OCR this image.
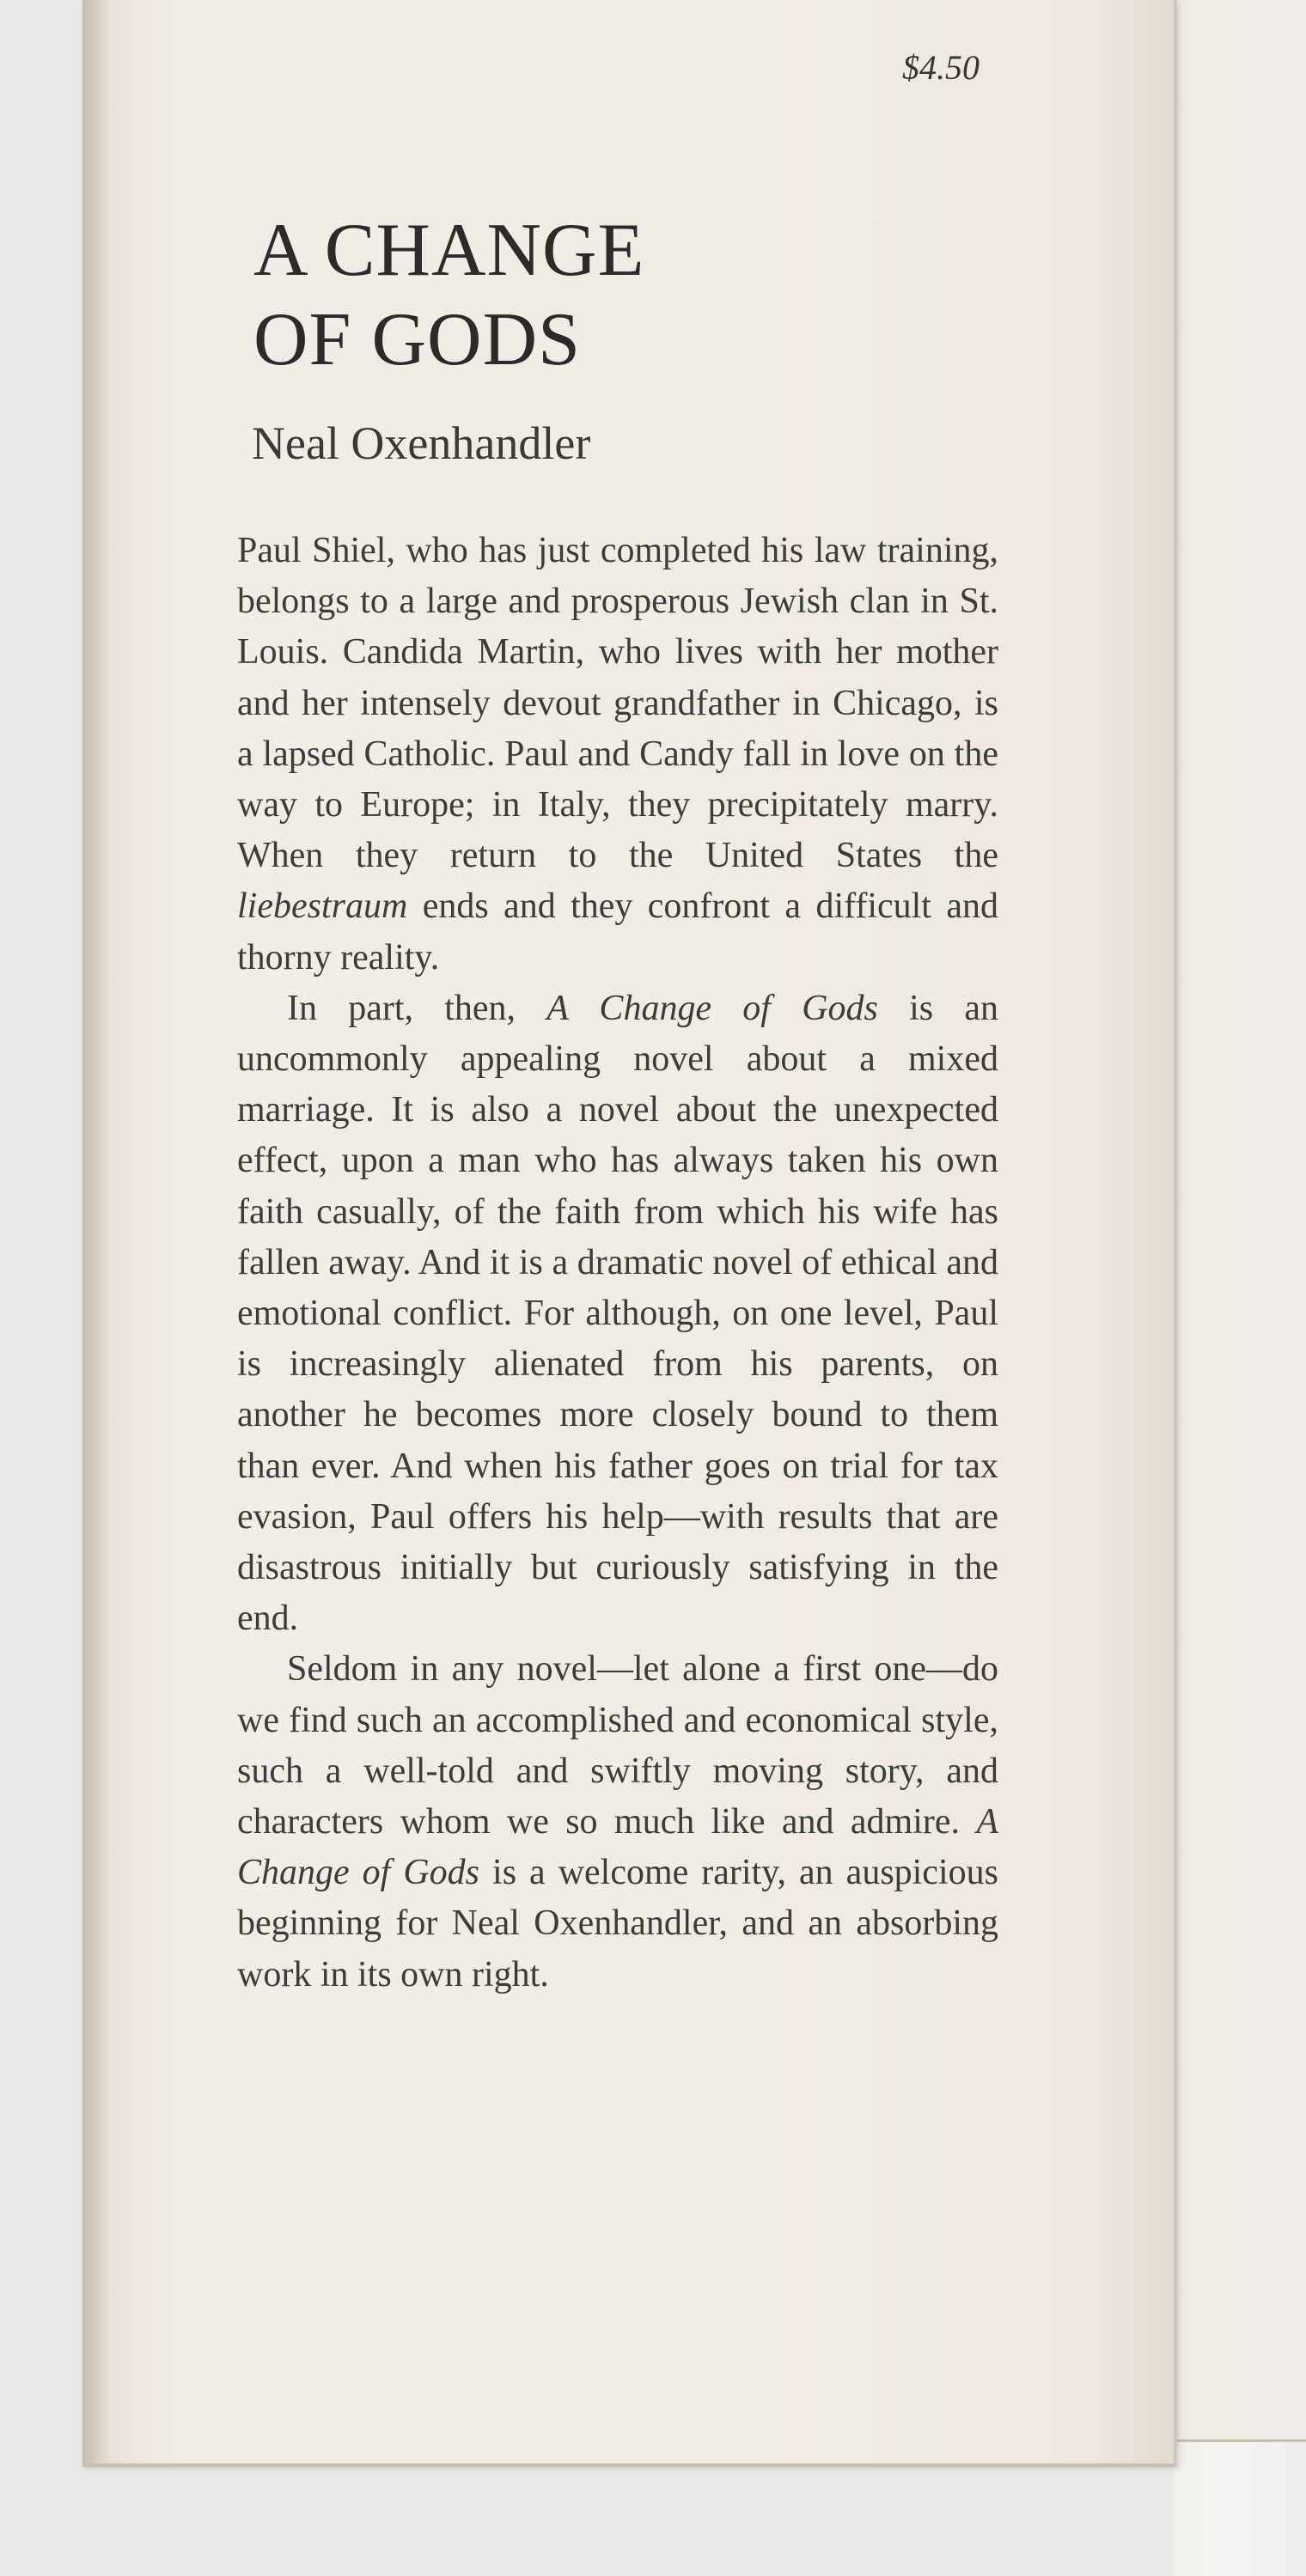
$4.50
A CHANGE
OF GODS
Neal Oxenhandler

Paul Shiel, who has just completed his law training, belongs to a large and prosperous Jewish clan in St. Louis. Candida Martin, who lives with her mother and her intensely devout grandfather in Chicago, is a lapsed Catholic. Paul and Candy fall in love on the way to Europe; in Italy, they precipitately marry. When they return to the United States the liebestraum ends and they confront a difficult and thorny reality.

In part, then, A Change of Gods is an uncommonly appealing novel about a mixed marriage. It is also a novel about the unexpected effect, upon a man who has always taken his own faith casually, of the faith from which his wife has fallen away. And it is a dramatic novel of ethical and emotional conflict. For although, on one level, Paul is increasingly alienated from his parents, on another he becomes more closely bound to them than ever. And when his father goes on trial for tax evasion, Paul offers his help—with results that are disastrous initially but curiously satisfying in the end.

Seldom in any novel—let alone a first one—do we find such an accomplished and economical style, such a well-told and swiftly moving story, and characters whom we so much like and admire. A Change of Gods is a welcome rarity, an auspicious beginning for Neal Oxenhandler, and an absorbing work in its own right.
